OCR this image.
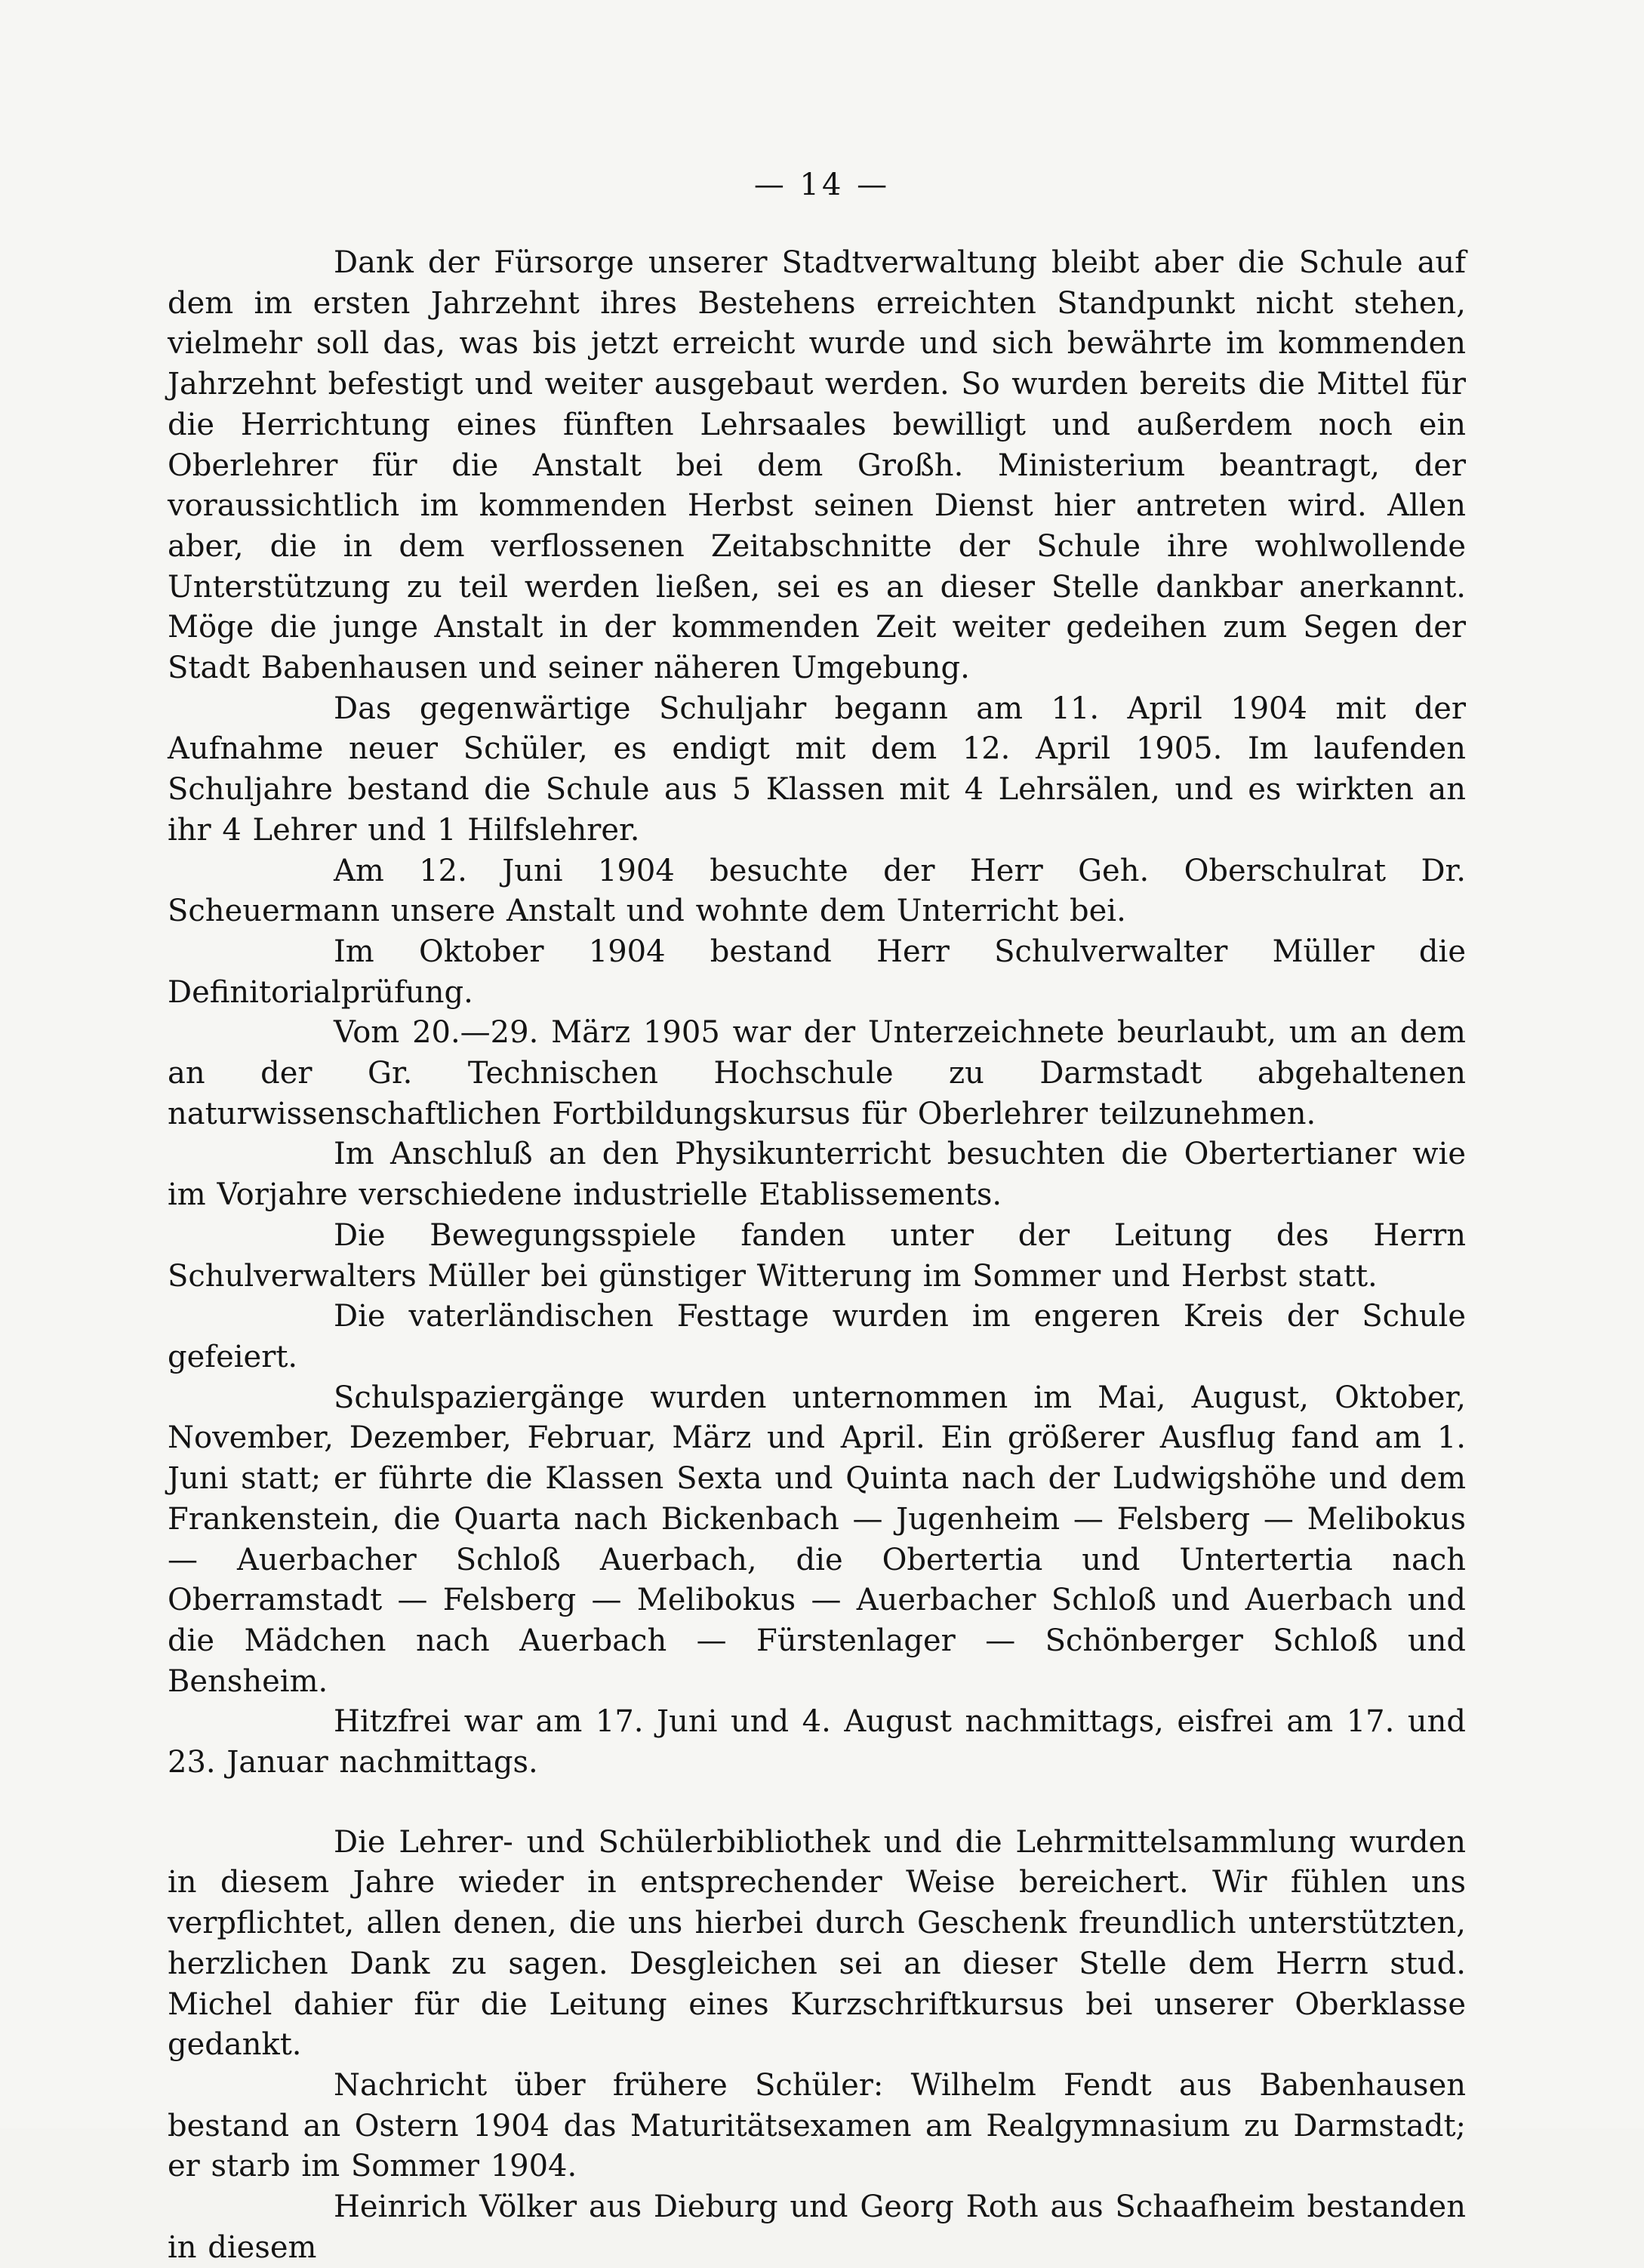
— 14 —

Dank der Fürsorge unserer Stadtverwaltung bleibt aber die Schule auf dem im ersten Jahrzehnt ihres Bestehens erreichten Standpunkt nicht stehen, vielmehr soll das, was bis jetzt erreicht wurde und sich bewährte im kommenden Jahrzehnt befestigt und weiter ausgebaut werden. So wurden bereits die Mittel für die Herrichtung eines fünften Lehrsaales bewilligt und außerdem noch ein Oberlehrer für die Anstalt bei dem Großh. Ministerium beantragt, der voraussichtlich im kommenden Herbst seinen Dienst hier antreten wird. Allen aber, die in dem verflossenen Zeitabschnitte der Schule ihre wohlwollende Unterstützung zu teil werden ließen, sei es an dieser Stelle dankbar anerkannt. Möge die junge Anstalt in der kommenden Zeit weiter gedeihen zum Segen der Stadt Babenhausen und seiner näheren Umgebung.

Das gegenwärtige Schuljahr begann am 11. April 1904 mit der Aufnahme neuer Schüler, es endigt mit dem 12. April 1905. Im laufenden Schuljahre bestand die Schule aus 5 Klassen mit 4 Lehrsälen, und es wirkten an ihr 4 Lehrer und 1 Hilfslehrer.

Am 12. Juni 1904 besuchte der Herr Geh. Oberschulrat Dr. Scheuermann unsere Anstalt und wohnte dem Unterricht bei.

Im Oktober 1904 bestand Herr Schulverwalter Müller die Definitorialprüfung.

Vom 20.—29. März 1905 war der Unterzeichnete beurlaubt, um an dem an der Gr. Technischen Hochschule zu Darmstadt abgehaltenen naturwissenschaftlichen Fortbildungskursus für Oberlehrer teilzunehmen.

Im Anschluß an den Physikunterricht besuchten die Obertertianer wie im Vorjahre verschiedene industrielle Etablissements.

Die Bewegungsspiele fanden unter der Leitung des Herrn Schulverwalters Müller bei günstiger Witterung im Sommer und Herbst statt.

Die vaterländischen Festtage wurden im engeren Kreis der Schule gefeiert.

Schulspaziergänge wurden unternommen im Mai, August, Oktober, November, Dezember, Februar, März und April. Ein größerer Ausflug fand am 1. Juni statt; er führte die Klassen Sexta und Quinta nach der Ludwigshöhe und dem Frankenstein, die Quarta nach Bickenbach — Jugenheim — Felsberg — Melibokus — Auerbacher Schloß Auerbach, die Obertertia und Untertertia nach Oberramstadt — Felsberg — Melibokus — Auerbacher Schloß und Auerbach und die Mädchen nach Auerbach — Fürstenlager — Schönberger Schloß und Bensheim.

Hitzfrei war am 17. Juni und 4. August nachmittags, eisfrei am 17. und 23. Januar nachmittags.

Die Lehrer- und Schülerbibliothek und die Lehrmittelsammlung wurden in diesem Jahre wieder in entsprechender Weise bereichert. Wir fühlen uns verpflichtet, allen denen, die uns hierbei durch Geschenk freundlich unterstützten, herzlichen Dank zu sagen. Desgleichen sei an dieser Stelle dem Herrn stud. Michel dahier für die Leitung eines Kurzschriftkursus bei unserer Oberklasse gedankt.

Nachricht über frühere Schüler: Wilhelm Fendt aus Babenhausen bestand an Ostern 1904 das Maturitätsexamen am Realgymnasium zu Darmstadt; er starb im Sommer 1904.

Heinrich Völker aus Dieburg und Georg Roth aus Schaafheim bestanden in diesem
